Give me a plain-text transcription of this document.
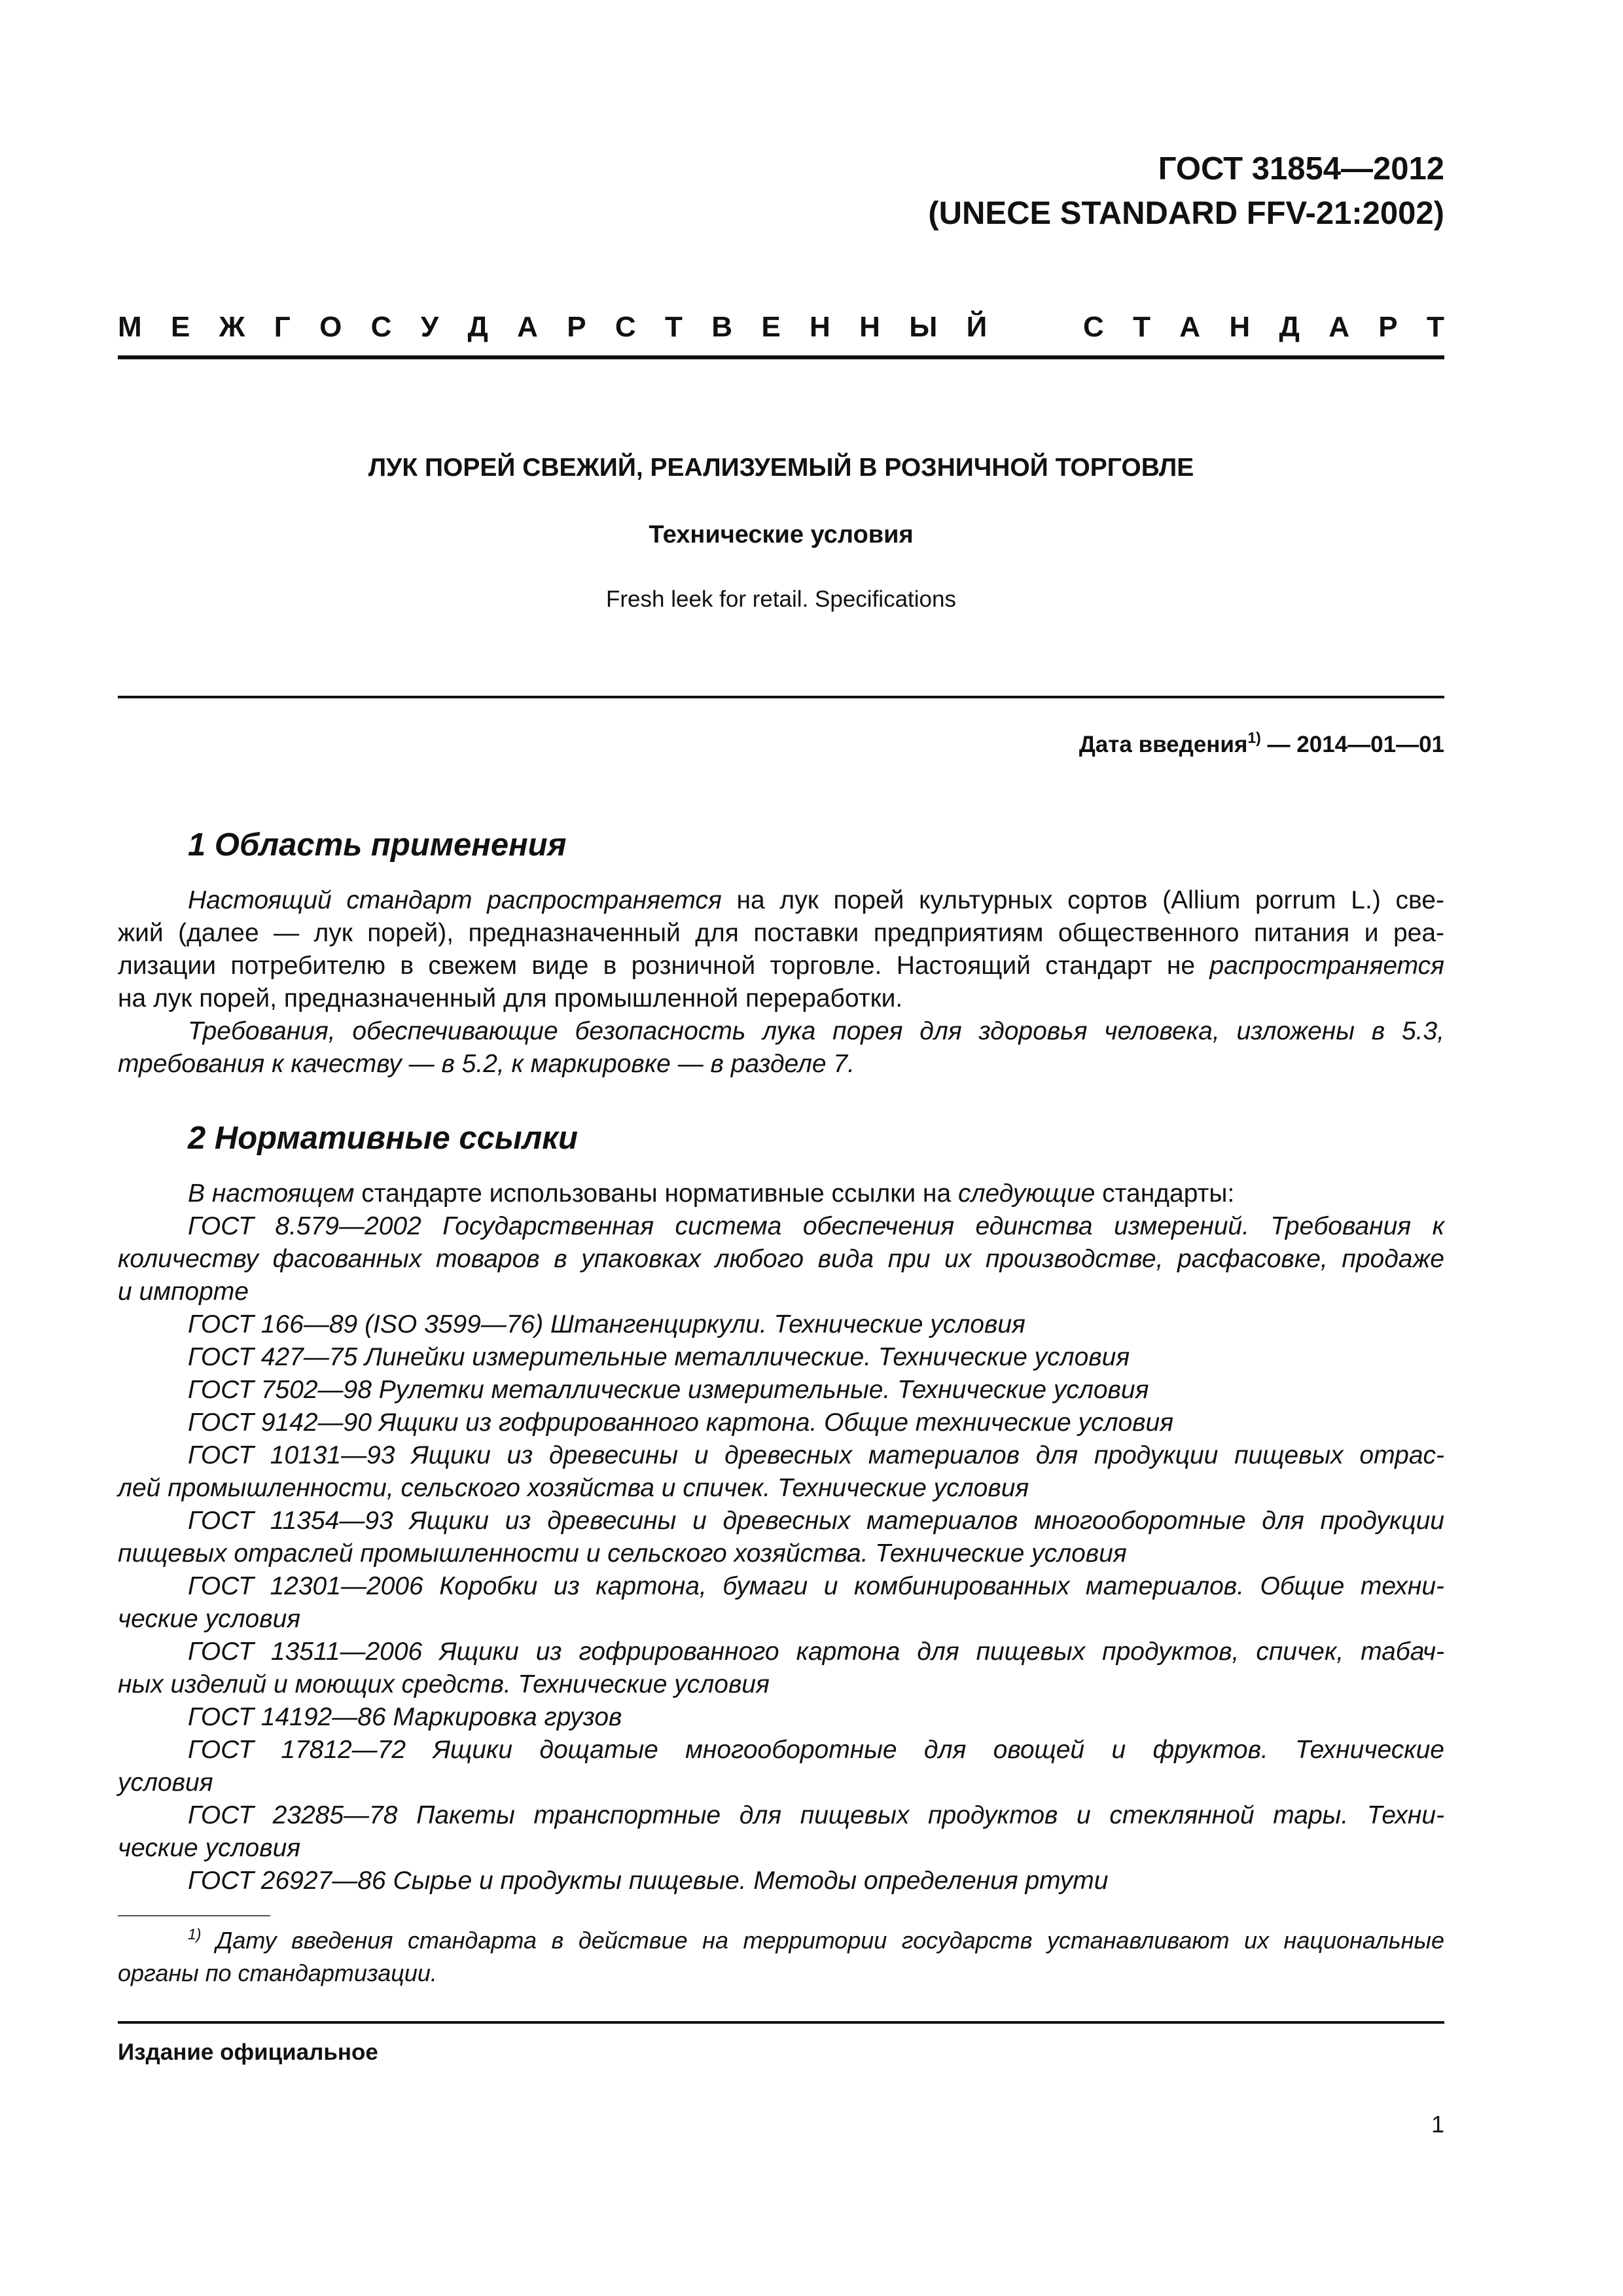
ГОСТ 31854—2012
(UNECE STANDARD FFV-21:2002)
М Е Ж Г О С У Д А Р С Т В Е Н Н Ы Й	С Т А Н Д А Р Т
ЛУК ПОРЕЙ СВЕЖИЙ, РЕАЛИЗУЕМЫЙ В РОЗНИЧНОЙ ТОРГОВЛЕ
Технические условия
Fresh leek for retail. Specifications
Дата введения$^{1)}$ — 2014—01—01
1 Область применения
Настоящий стандарт распространяется на лук порей культурных сортов (Allium porrum L.) све-
жий (далее — лук порей), предназначенный для поставки предприятиям общественного питания и реа-
лизации потребителю в свежем виде в розничной торговле. Настоящий стандарт не распространяется
на лук порей, предназначенный для промышленной переработки.
Требования, обеспечивающие безопасность лука порея для здоровья человека, изложены в 5.3,
требования к качеству — в 5.2, к маркировке — в разделе 7.
2 Нормативные ссылки
В настоящем стандарте использованы нормативные ссылки на следующие стандарты:
ГОСТ 8.579—2002 Государственная система обеспечения единства измерений. Требования к
количеству фасованных товаров в упаковках любого вида при их производстве, расфасовке, продаже
и импорте
ГОСТ 166—89 (ISO 3599—76) Штангенциркули. Технические условия
ГОСТ 427—75 Линейки измерительные металлические. Технические условия
ГОСТ 7502—98 Рулетки металлические измерительные. Технические условия
ГОСТ 9142—90 Ящики из гофрированного картона. Общие технические условия
ГОСТ 10131—93 Ящики из древесины и древесных материалов для продукции пищевых отрас-
лей промышленности, сельского хозяйства и спичек. Технические условия
ГОСТ 11354—93 Ящики из древесины и древесных материалов многооборотные для продукции
пищевых отраслей промышленности и сельского хозяйства. Технические условия
ГОСТ 12301—2006 Коробки из картона, бумаги и комбинированных материалов. Общие техни-
ческие условия
ГОСТ 13511—2006 Ящики из гофрированного картона для пищевых продуктов, спичек, табач-
ных изделий и моющих средств. Технические условия
ГОСТ 14192—86 Маркировка грузов
ГОСТ 17812—72 Ящики дощатые многооборотные для овощей и фруктов. Технические
условия
ГОСТ 23285—78 Пакеты транспортные для пищевых продуктов и стеклянной тары. Техни-
ческие условия
ГОСТ 26927—86 Сырье и продукты пищевые. Методы определения ртути
$^{1)}$ Дату введения стандарта в действие на территории государств устанавливают их национальные
органы по стандартизации.
Издание официальное
1
